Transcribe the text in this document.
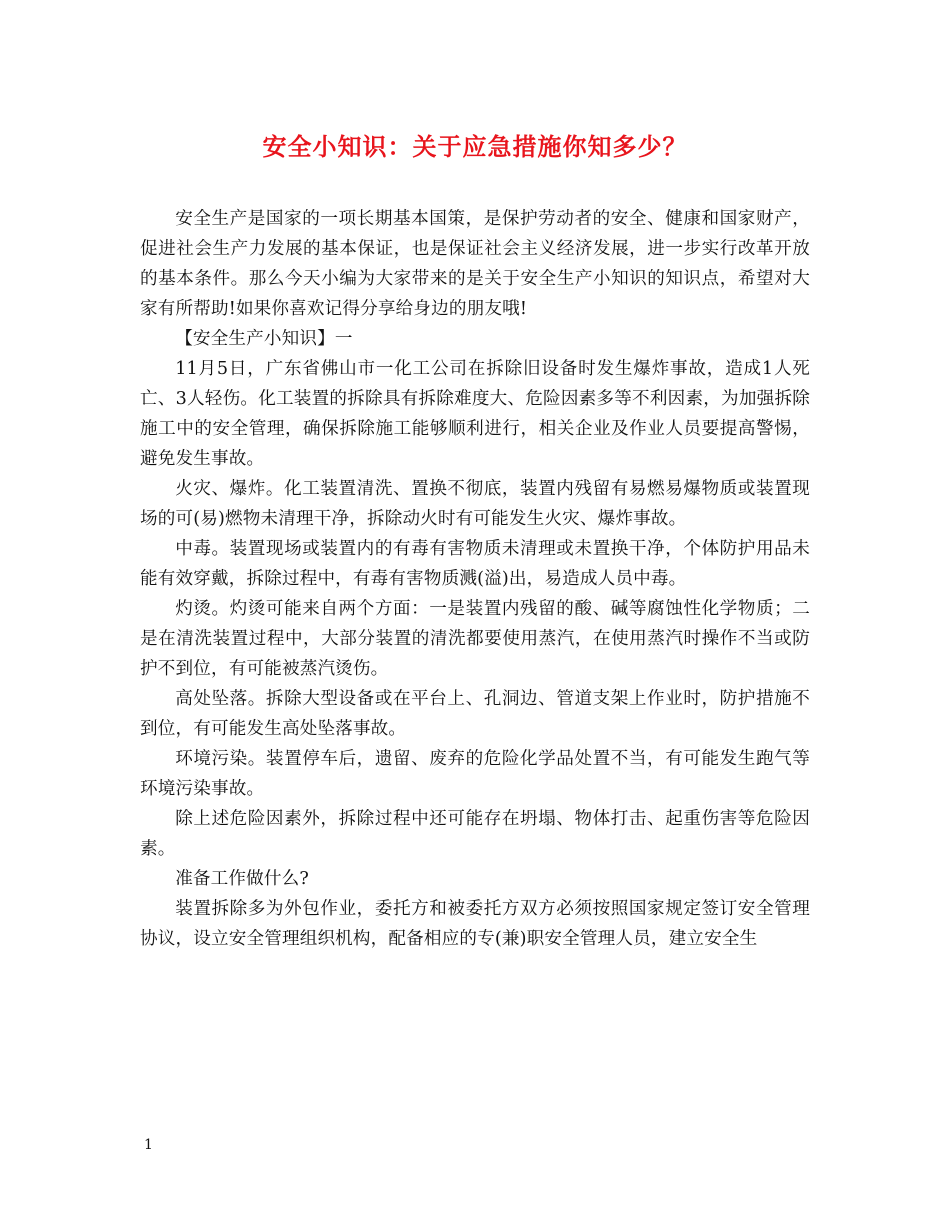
安全小知识：关于应急措施你知多少？

安全生产是国家的一项长期基本国策，是保护劳动者的安全、健康和国家财产，促进社会生产力发展的基本保证，也是保证社会主义经济发展，进一步实行改革开放的基本条件。那么今天小编为大家带来的是关于安全生产小知识的知识点，希望对大家有所帮助!如果你喜欢记得分享给身边的朋友哦!

【安全生产小知识】一

11月5日，广东省佛山市一化工公司在拆除旧设备时发生爆炸事故，造成1人死亡、3人轻伤。化工装置的拆除具有拆除难度大、危险因素多等不利因素，为加强拆除施工中的安全管理，确保拆除施工能够顺利进行，相关企业及作业人员要提高警惕，避免发生事故。

火灾、爆炸。化工装置清洗、置换不彻底，装置内残留有易燃易爆物质或装置现场的可(易)燃物未清理干净，拆除动火时有可能发生火灾、爆炸事故。

中毒。装置现场或装置内的有毒有害物质未清理或未置换干净，个体防护用品未能有效穿戴，拆除过程中，有毒有害物质溅(溢)出，易造成人员中毒。

灼烫。灼烫可能来自两个方面：一是装置内残留的酸、碱等腐蚀性化学物质；二是在清洗装置过程中，大部分装置的清洗都要使用蒸汽，在使用蒸汽时操作不当或防护不到位，有可能被蒸汽烫伤。

高处坠落。拆除大型设备或在平台上、孔洞边、管道支架上作业时，防护措施不到位，有可能发生高处坠落事故。

环境污染。装置停车后，遗留、废弃的危险化学品处置不当，有可能发生跑气等环境污染事故。

除上述危险因素外，拆除过程中还可能存在坍塌、物体打击、起重伤害等危险因素。

准备工作做什么?

装置拆除多为外包作业，委托方和被委托方双方必须按照国家规定签订安全管理协议，设立安全管理组织机构，配备相应的专(兼)职安全管理人员，建立安全生

1
